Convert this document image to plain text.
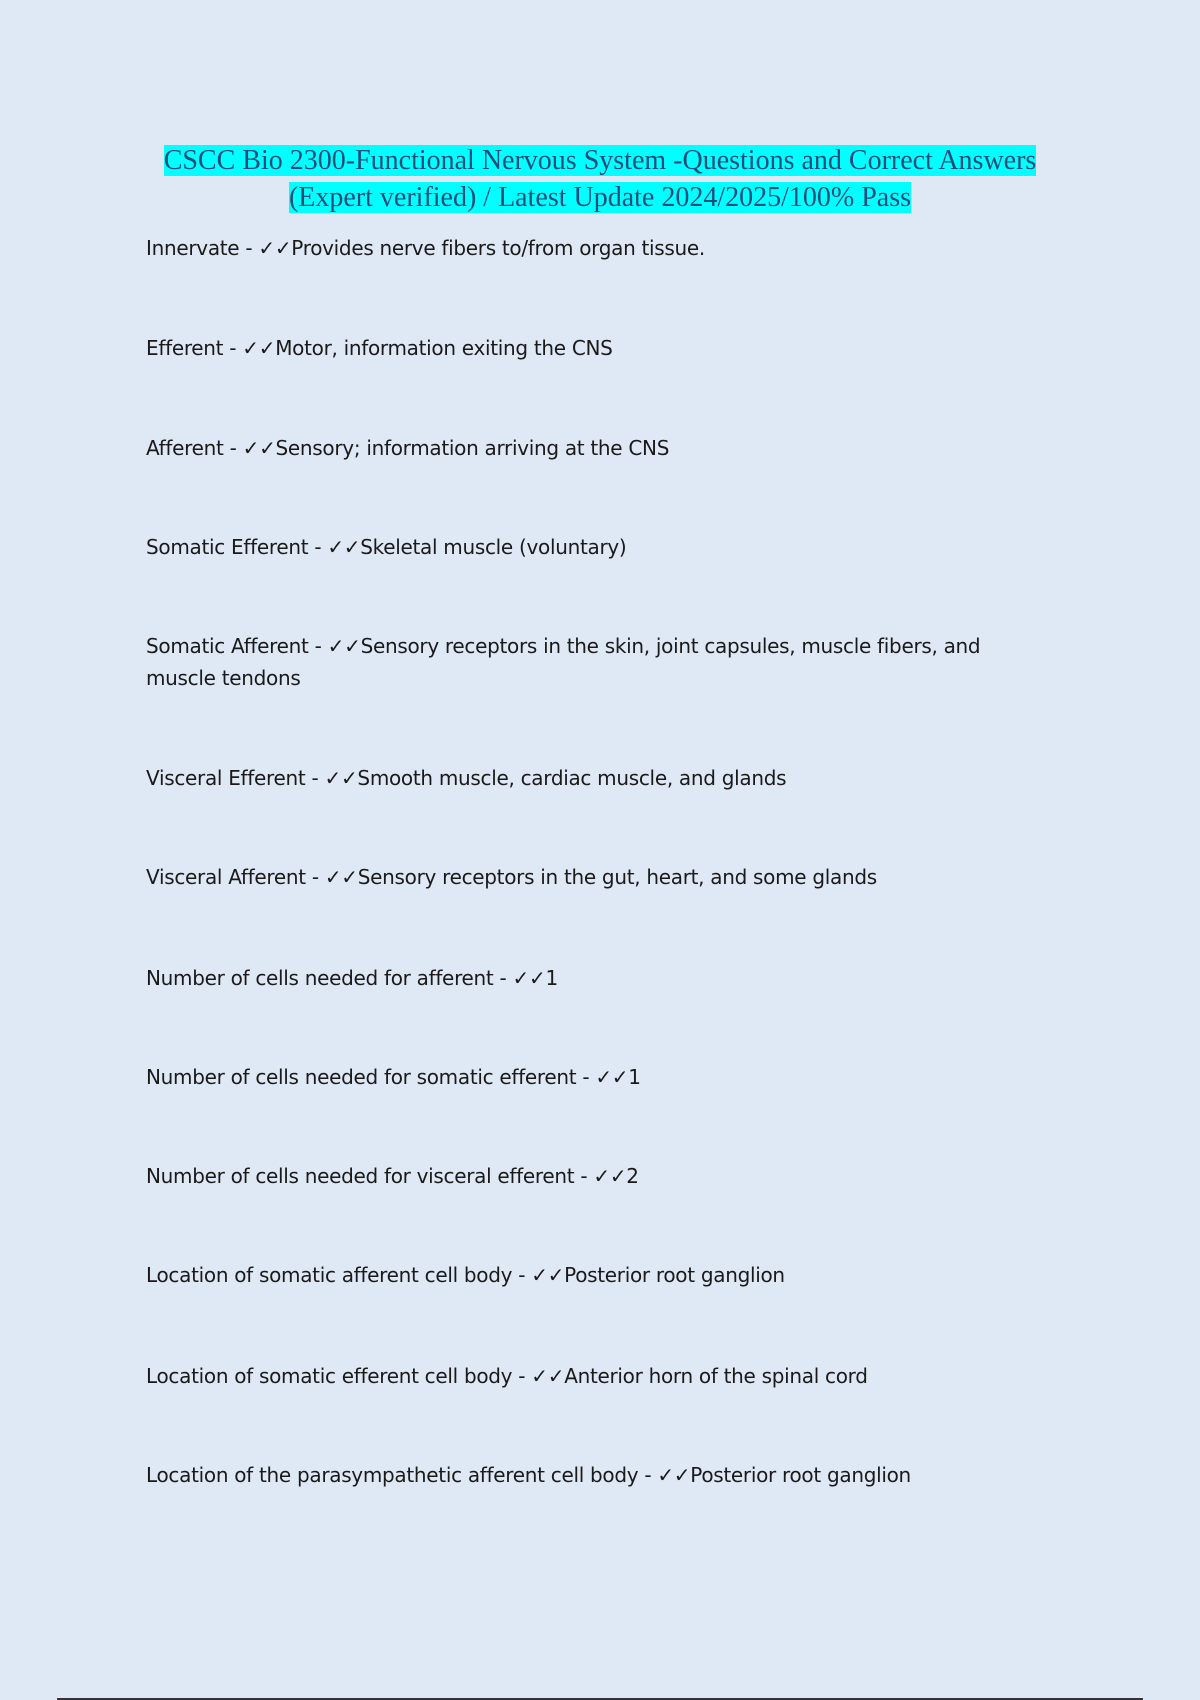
CSCC Bio 2300-Functional Nervous System -Questions and Correct Answers
(Expert verified) / Latest Update 2024/2025/100% Pass
Innervate - ✓✓Provides nerve fibers to/from organ tissue.
Efferent - ✓✓Motor, information exiting the CNS
Afferent - ✓✓Sensory; information arriving at the CNS
Somatic Efferent - ✓✓Skeletal muscle (voluntary)
Somatic Afferent - ✓✓Sensory receptors in the skin, joint capsules, muscle fibers, and muscle tendons
Visceral Efferent - ✓✓Smooth muscle, cardiac muscle, and glands
Visceral Afferent - ✓✓Sensory receptors in the gut, heart, and some glands
Number of cells needed for afferent - ✓✓1
Number of cells needed for somatic efferent - ✓✓1
Number of cells needed for visceral efferent - ✓✓2
Location of somatic afferent cell body - ✓✓Posterior root ganglion
Location of somatic efferent cell body - ✓✓Anterior horn of the spinal cord
Location of the parasympathetic afferent cell body - ✓✓Posterior root ganglion
